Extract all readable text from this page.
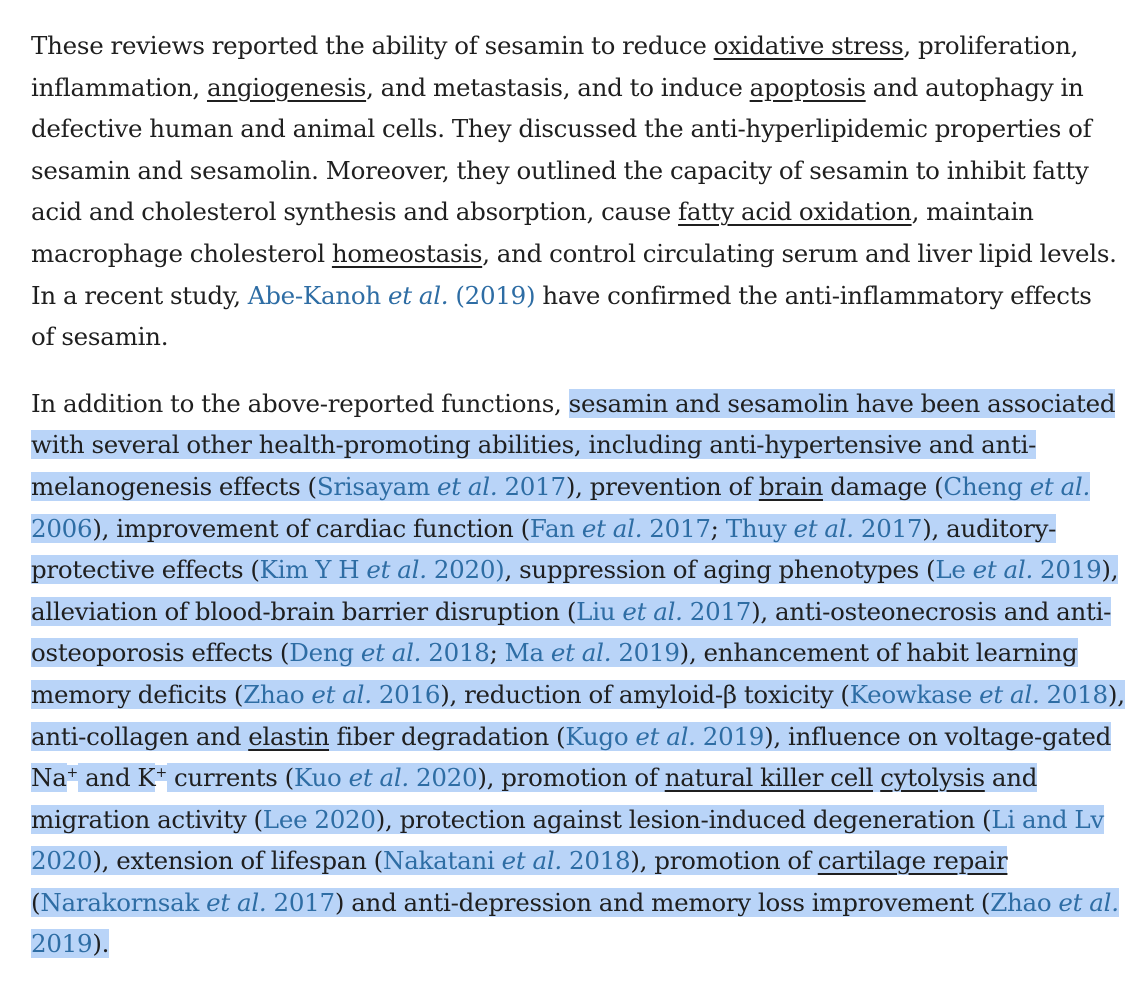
These reviews reported the ability of sesamin to reduce oxidative stress, proliferation,
inflammation, angiogenesis, and metastasis, and to induce apoptosis and autophagy in
defective human and animal cells. They discussed the anti-hyperlipidemic properties of
sesamin and sesamolin. Moreover, they outlined the capacity of sesamin to inhibit fatty
acid and cholesterol synthesis and absorption, cause fatty acid oxidation, maintain
macrophage cholesterol homeostasis, and control circulating serum and liver lipid levels.
In a recent study, Abe-Kanoh et al. (2019) have confirmed the anti-inflammatory effects
of sesamin.

In addition to the above-reported functions, sesamin and sesamolin have been associated
with several other health-promoting abilities, including anti-hypertensive and anti-
melanogenesis effects (Srisayam et al. 2017), prevention of brain damage (Cheng et al.
2006), improvement of cardiac function (Fan et al. 2017; Thuy et al. 2017), auditory-
protective effects (Kim Y H et al. 2020), suppression of aging phenotypes (Le et al. 2019),
alleviation of blood-brain barrier disruption (Liu et al. 2017), anti-osteonecrosis and anti-
osteoporosis effects (Deng et al. 2018; Ma et al. 2019), enhancement of habit learning
memory deficits (Zhao et al. 2016), reduction of amyloid-β toxicity (Keowkase et al. 2018),
anti-collagen and elastin fiber degradation (Kugo et al. 2019), influence on voltage-gated
Na+ and K+ currents (Kuo et al. 2020), promotion of natural killer cell cytolysis and
migration activity (Lee 2020), protection against lesion-induced degeneration (Li and Lv
2020), extension of lifespan (Nakatani et al. 2018), promotion of cartilage repair
(Narakornsak et al. 2017) and anti-depression and memory loss improvement (Zhao et al.
2019).
